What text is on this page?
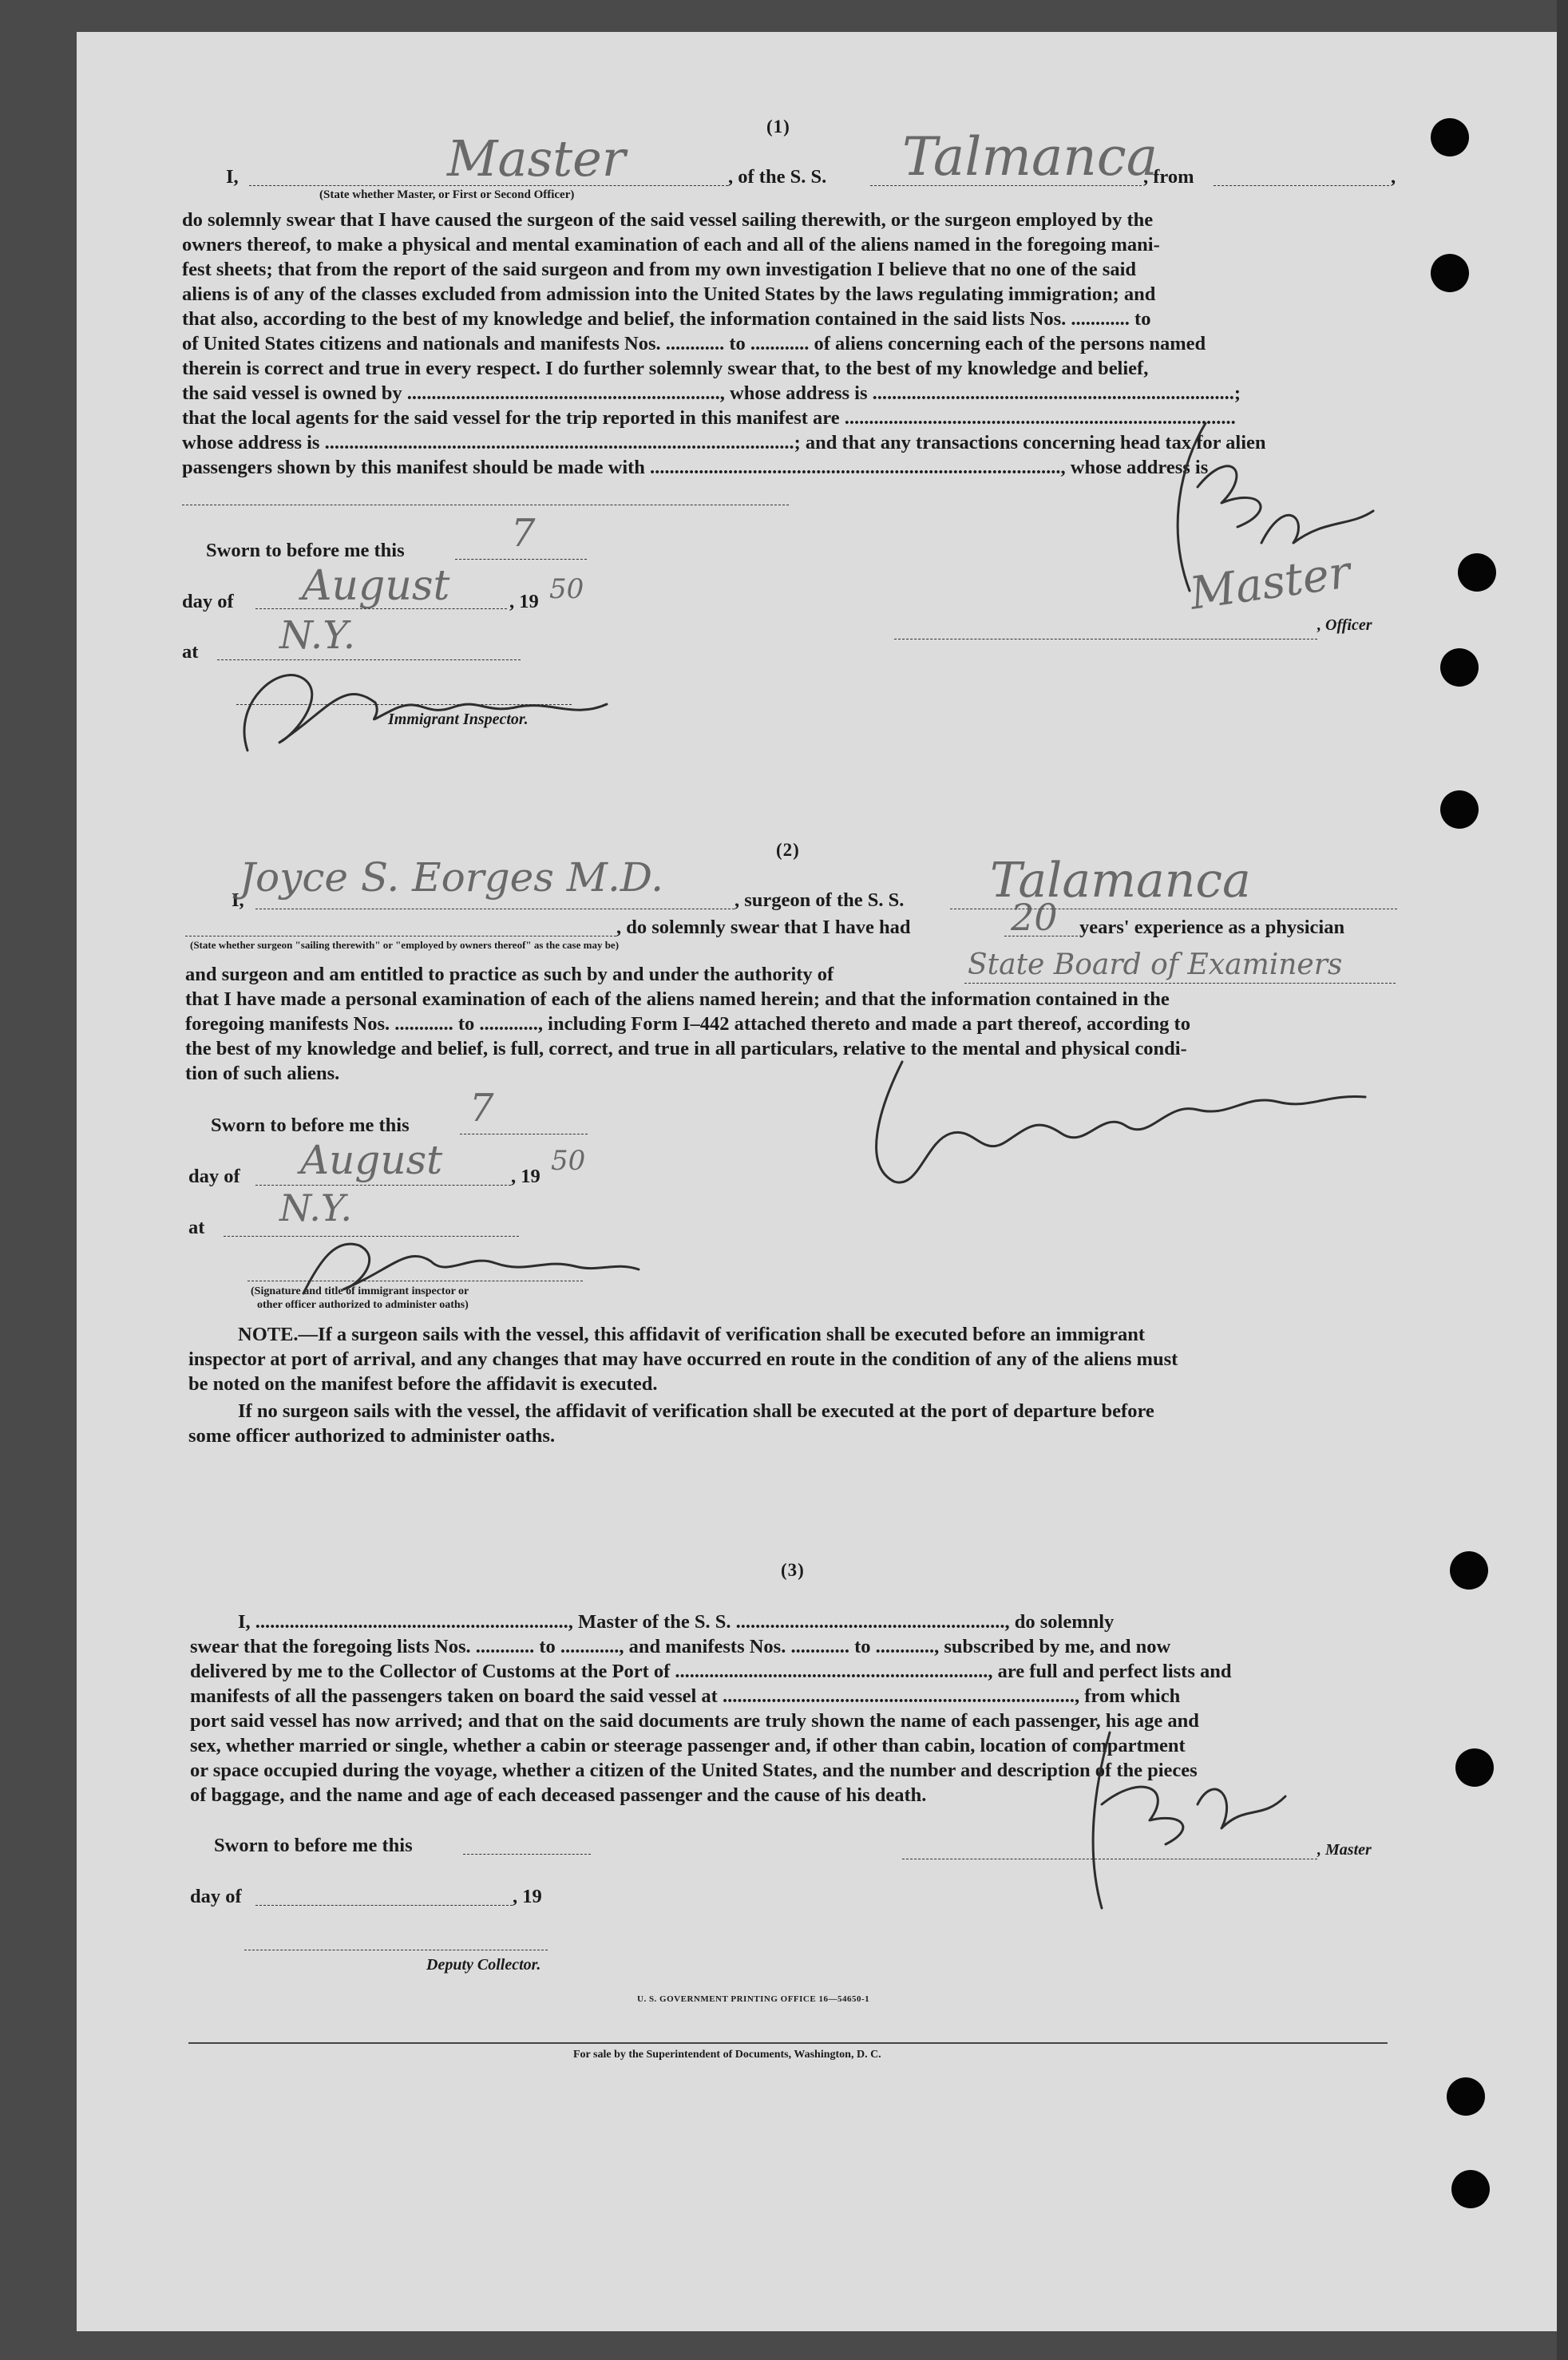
(1)
I,	Master	, of the S. S. Talmanca
, from	,
(State whether Master, or First or Second Officer)
do solemnly swear that I have caused the surgeon of the said vessel sailing therewith, or the surgeon employed by the
owners thereof, to make a physical and mental examination of each and all of the aliens named in the foregoing mani-
fest sheets; that from the report of the said surgeon and from my own investigation I believe that no one of the said
aliens is of any of the classes excluded from admission into the United States by the laws regulating immigration; and
that also, according to the best of my knowledge and belief, the information contained in the said lists Nos. ............ to
of United States citizens and nationals and manifests Nos. ............ to ............ of aliens concerning each of the persons named
therein is correct and true in every respect. I do further solemnly swear that, to the best of my knowledge and belief,
the said vessel is owned by ................................................................, whose address is ..........................................................................;
that the local agents for the said vessel for the trip reported in this manifest are ................................................................................
whose address is ................................................................................................; and that any transactions concerning head tax for alien
passengers shown by this manifest should be made with ...................................................................................., whose address is
Sworn to before me this	7
day of August	, 19 50
at N.Y.
Immigrant Inspector.
, Officer
Master
(2)
I,
Joyce S. Eorges M.D.	, surgeon of the S. S. Talamanca
, do solemnly swear that I have had	20 years' experience as a physician
(State whether surgeon "sailing therewith" or "employed by owners thereof" as the case may be)
and surgeon and am entitled to practice as such by and under the authority of	State Board of Examiners
that I have made a personal examination of each of the aliens named herein; and that the information contained in the
foregoing manifests Nos. ............ to ............, including Form I–442 attached thereto and made a part thereof, according to
the best of my knowledge and belief, is full, correct, and true in all particulars, relative to the mental and physical condi-
tion of such aliens.
Sworn to before me this 7
day of August	, 19 50
at N.Y.
(Signature and title of immigrant inspector or
other officer authorized to administer oaths)
NOTE.—If a surgeon sails with the vessel, this affidavit of verification shall be executed before an immigrant
inspector at port of arrival, and any changes that may have occurred en route in the condition of any of the aliens must
be noted on the manifest before the affidavit is executed.
If no surgeon sails with the vessel, the affidavit of verification shall be executed at the port of departure before
some officer authorized to administer oaths.
(3)
I, ................................................................, Master of the S. S. ......................................................., do solemnly
swear that the foregoing lists Nos. ............ to ............, and manifests Nos. ............ to ............, subscribed by me, and now
delivered by me to the Collector of Customs at the Port of ................................................................, are full and perfect lists and
manifests of all the passengers taken on board the said vessel at ........................................................................, from which
port said vessel has now arrived; and that on the said documents are truly shown the name of each passenger, his age and
sex, whether married or single, whether a cabin or steerage passenger and, if other than cabin, location of compartment
or space occupied during the voyage, whether a citizen of the United States, and the number and description of the pieces
of baggage, and the name and age of each deceased passenger and the cause of his death.
Sworn to before me this
day of	, 19
Deputy Collector.
, Master
U. S. GOVERNMENT PRINTING OFFICE 16—54650-1
For sale by the Superintendent of Documents, Washington, D. C.
